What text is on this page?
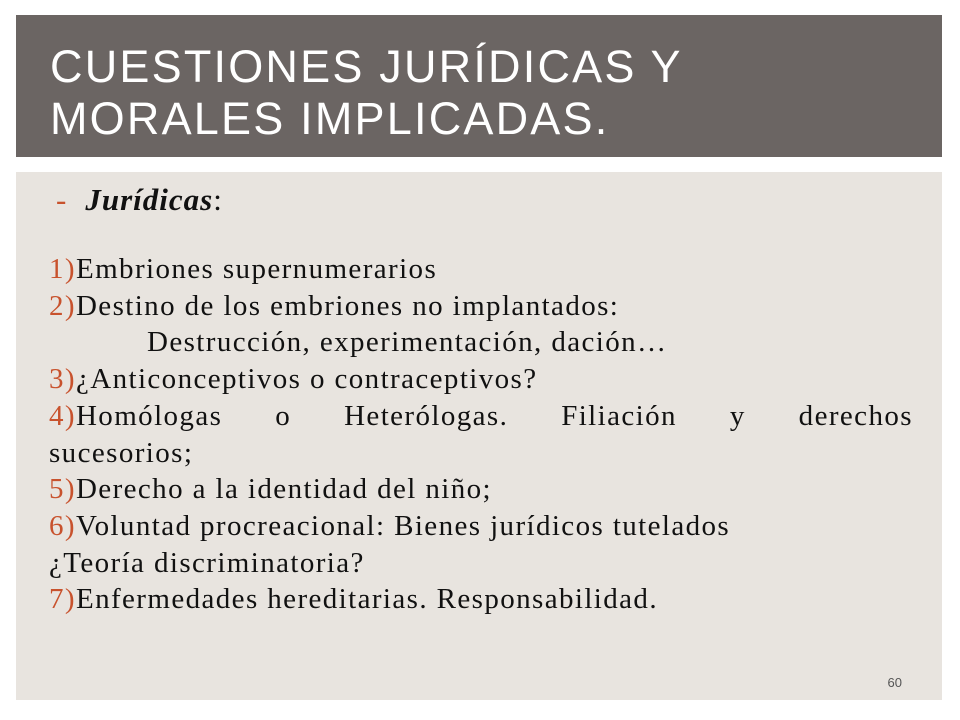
CUESTIONES JURÍDICAS Y
MORALES IMPLICADAS.
- Jurídicas:
1)Embriones supernumerarios
2)Destino de los embriones no implantados:
Destrucción, experimentación, dación…
3)¿Anticonceptivos o contraceptivos?
4)Homólogas o Heterólogas. Filiación y derechos
sucesorios;
5)Derecho a la identidad del niño;
6)Voluntad procreacional: Bienes jurídicos tutelados
¿Teoría discriminatoria?
7)Enfermedades hereditarias. Responsabilidad.
60
